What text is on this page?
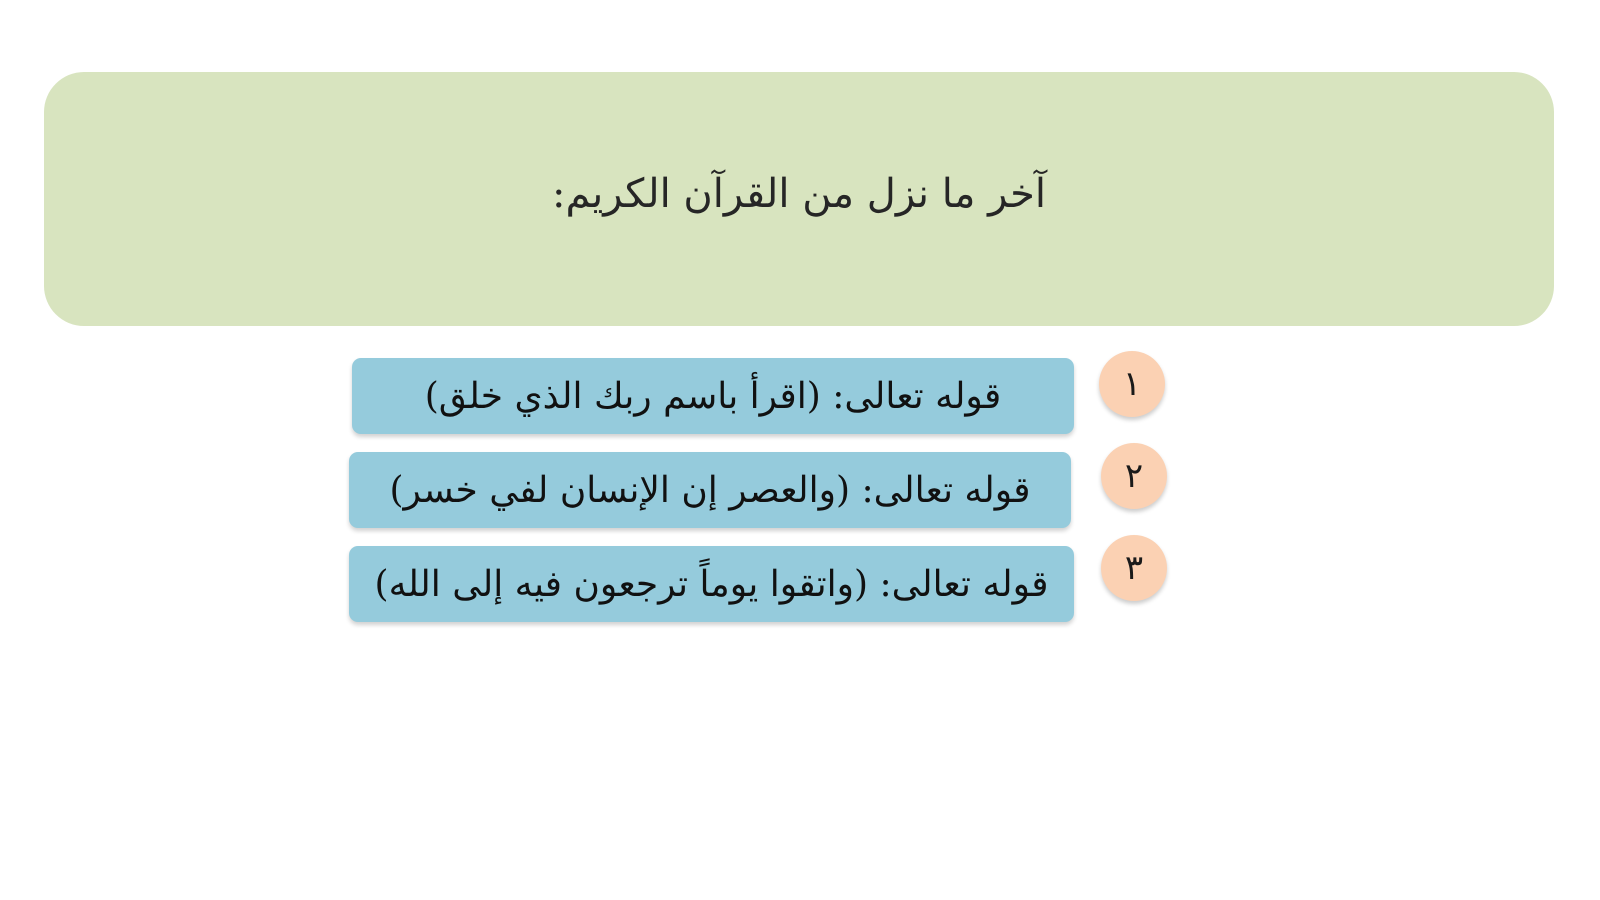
آخر ما نزل من القرآن الكريم:
قوله تعالى: (اقرأ باسم ربك الذي خلق)	١
قوله تعالى: (والعصر إن الإنسان لفي خسر)	٢
قوله تعالى: (واتقوا يوماً ترجعون فيه إلى الله)	٣
